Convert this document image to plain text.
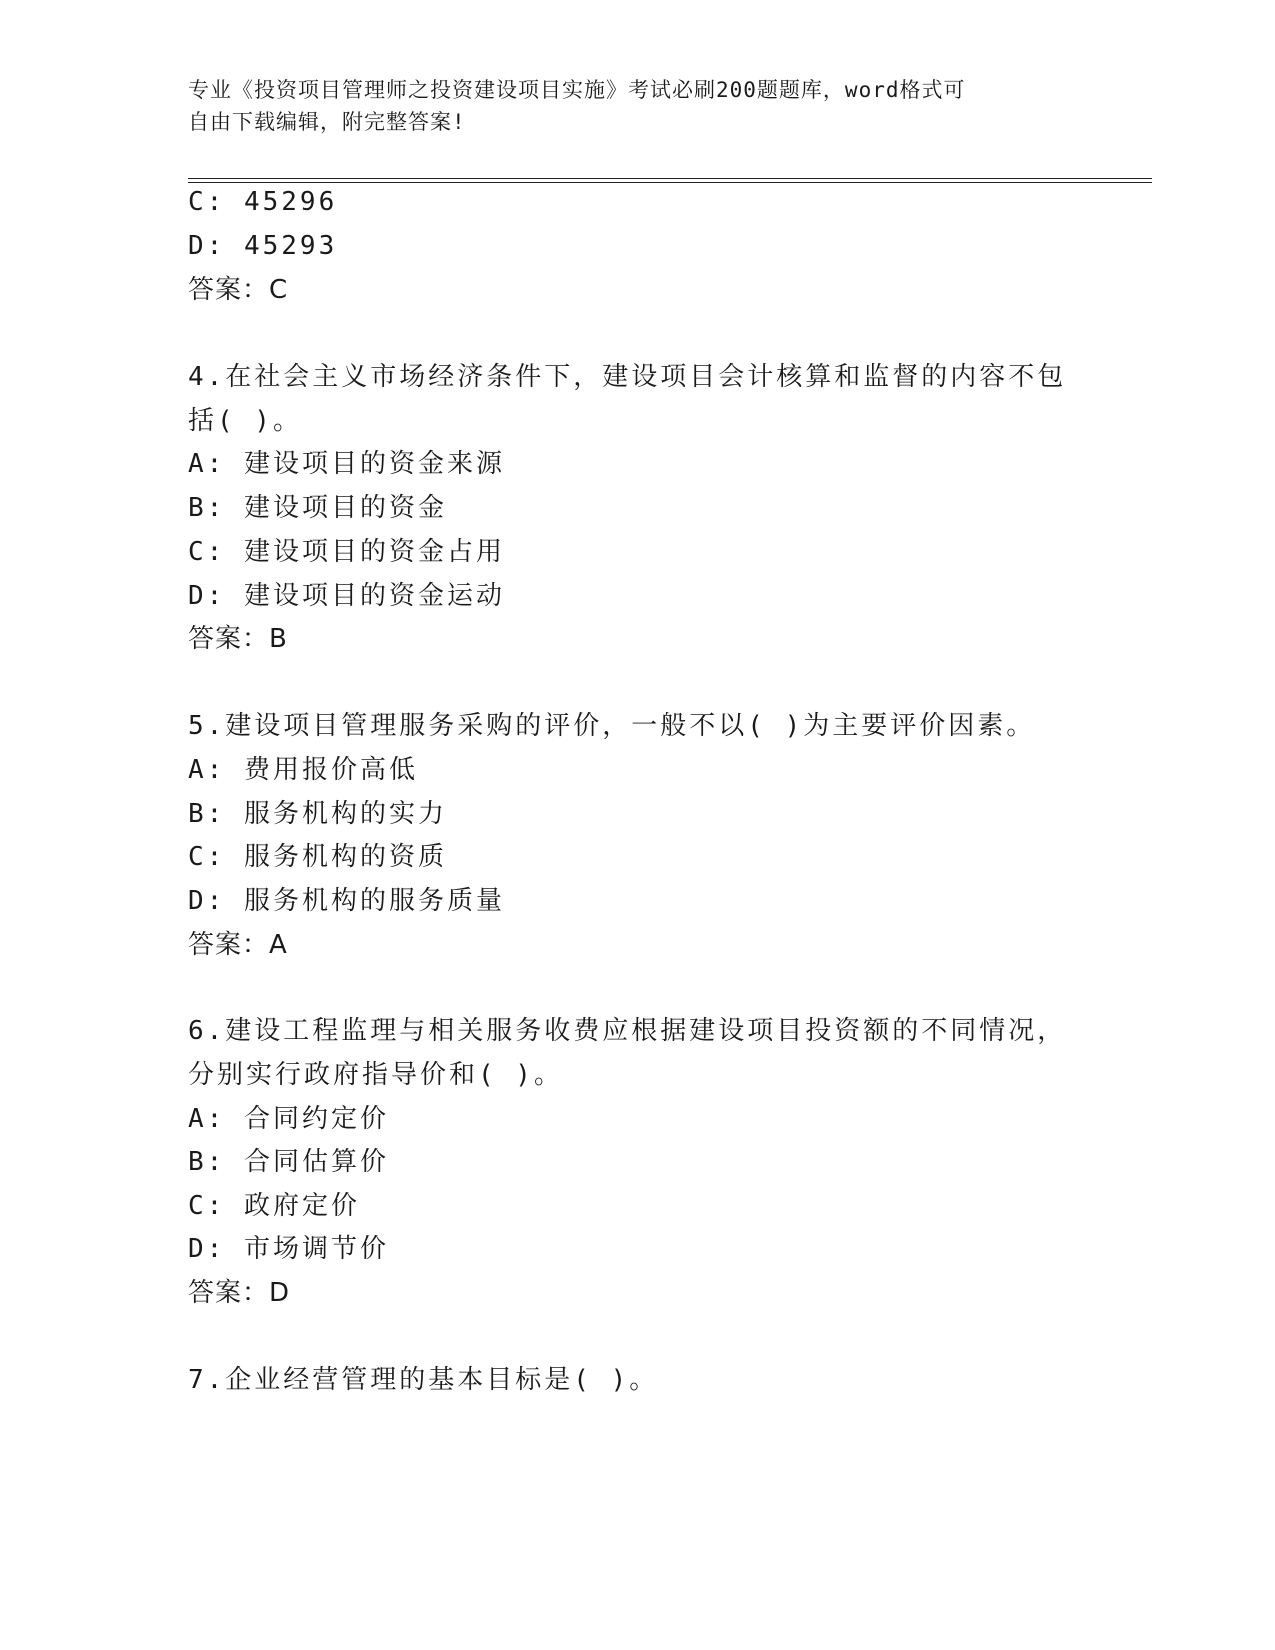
专业《投资项目管理师之投资建设项目实施》考试必刷200题题库，word格式可
自由下载编辑，附完整答案!
C: 45296
D: 45293
答案：C
4.在社会主义市场经济条件下，建设项目会计核算和监督的内容不包
括( )。
A: 建设项目的资金来源
B: 建设项目的资金
C: 建设项目的资金占用
D: 建设项目的资金运动
答案：B
5.建设项目管理服务采购的评价，一般不以( )为主要评价因素。
A: 费用报价高低
B: 服务机构的实力
C: 服务机构的资质
D: 服务机构的服务质量
答案：A
6.建设工程监理与相关服务收费应根据建设项目投资额的不同情况，
分别实行政府指导价和( )。
A: 合同约定价
B: 合同估算价
C: 政府定价
D: 市场调节价
答案：D
7.企业经营管理的基本目标是( )。
